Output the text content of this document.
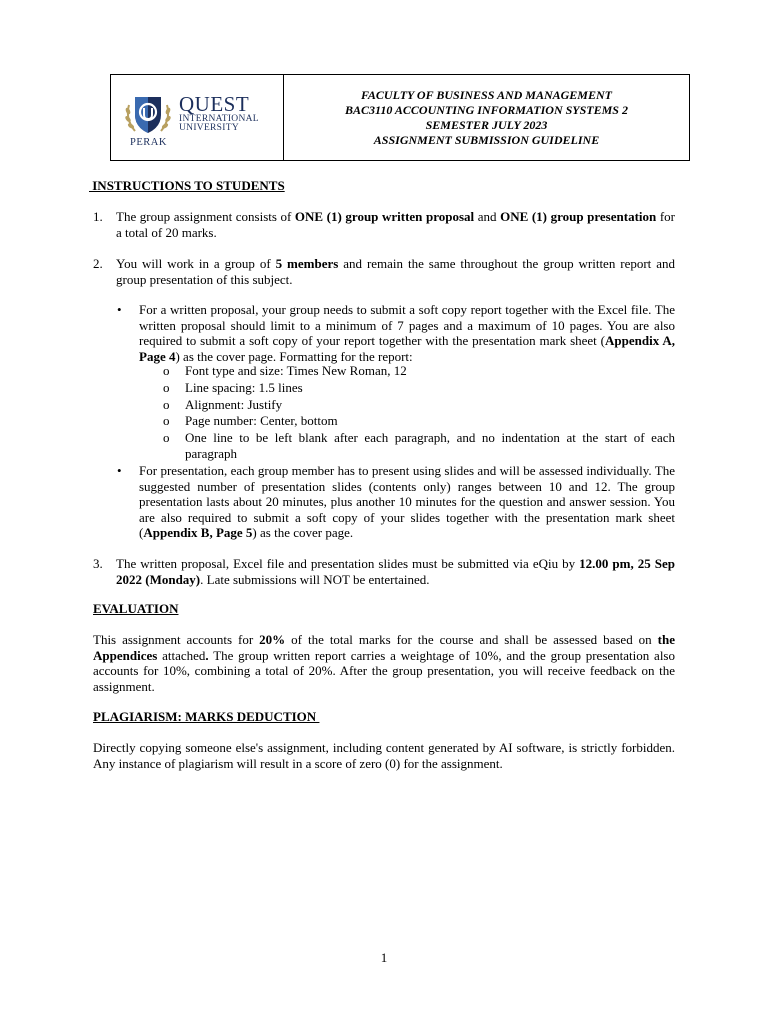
QUEST
INTERNATIONAL
UNIVERSITY
PERAK
FACULTY OF BUSINESS AND MANAGEMENT
BAC3110 ACCOUNTING INFORMATION SYSTEMS 2
SEMESTER JULY 2023
ASSIGNMENT SUBMISSION GUIDELINE
INSTRUCTIONS TO STUDENTS
1. The group assignment consists of ONE (1) group written proposal and ONE (1) group presentation for a total of 20 marks.
2. You will work in a group of 5 members and remain the same throughout the group written report and group presentation of this subject.
• For a written proposal, your group needs to submit a soft copy report together with the Excel file. The written proposal should limit to a minimum of 7 pages and a maximum of 10 pages. You are also required to submit a soft copy of your report together with the presentation mark sheet (Appendix A, Page 4) as the cover page. Formatting for the report:
o Font type and size: Times New Roman, 12
o Line spacing: 1.5 lines
o Alignment: Justify
o Page number: Center, bottom
o One line to be left blank after each paragraph, and no indentation at the start of each paragraph
• For presentation, each group member has to present using slides and will be assessed individually. The suggested number of presentation slides (contents only) ranges between 10 and 12. The group presentation lasts about 20 minutes, plus another 10 minutes for the question and answer session. You are also required to submit a soft copy of your slides together with the presentation mark sheet (Appendix B, Page 5) as the cover page.
3. The written proposal, Excel file and presentation slides must be submitted via eQiu by 12.00 pm, 25 Sep 2022 (Monday). Late submissions will NOT be entertained.
EVALUATION
This assignment accounts for 20% of the total marks for the course and shall be assessed based on the Appendices attached. The group written report carries a weightage of 10%, and the group presentation also accounts for 10%, combining a total of 20%. After the group presentation, you will receive feedback on the assignment.
PLAGIARISM: MARKS DEDUCTION
Directly copying someone else's assignment, including content generated by AI software, is strictly forbidden. Any instance of plagiarism will result in a score of zero (0) for the assignment.
1
